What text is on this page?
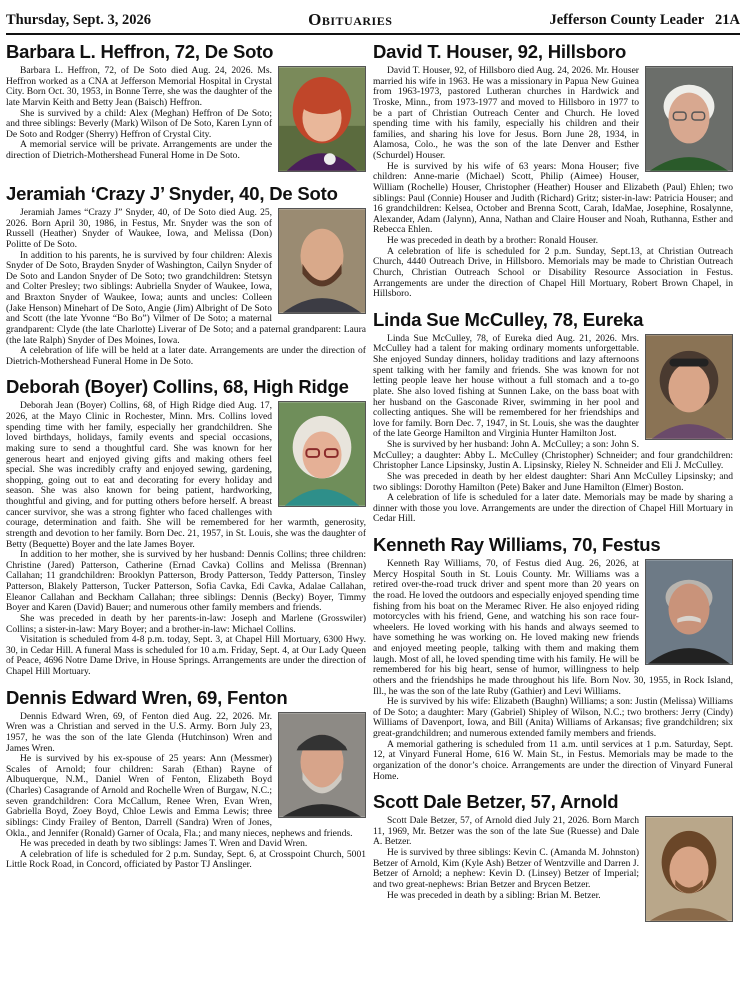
Thursday, Sept. 3, 2026	Obituaries	Jefferson County Leader 21A
Barbara L. Heffron, 72, De Soto

Barbara L. Heffron, 72, of De Soto died Aug. 24, 2026. Ms. Heffron worked as a CNA at Jefferson Memorial Hospital in Crystal City. Born Oct. 30, 1953, in Bonne Terre, she was the daughter of the late Marvin Keith and Betty Jean (Baisch) Heffron.

She is survived by a child: Alex (Meghan) Heffron of De Soto; and three siblings: Beverly (Mark) Wilson of De Soto, Karen Lynn of De Soto and Rodger (Sherry) Heffron of Crystal City.

A memorial service will be private. Arrangements are under the direction of Dietrich-Mothershead Funeral Home in De Soto.

Jeramiah ‘Crazy J’ Snyder, 40, De Soto

Jeramiah James “Crazy J” Snyder, 40, of De Soto died Aug. 25, 2026. Born April 30, 1986, in Festus, Mr. Snyder was the son of Russell (Heather) Snyder of Waukee, Iowa, and Melissa (Don) Politte of De Soto.

In addition to his parents, he is survived by four children: Alexis Snyder of De Soto, Brayden Snyder of Washington, Cailyn Snyder of De Soto and Landon Snyder of De Soto; two grandchildren: Stetsyn and Colter Presley; two siblings: Aubriella Snyder of Waukee, Iowa, and Braxton Snyder of Waukee, Iowa; aunts and uncles: Colleen (Jake Henson) Minehart of De Soto, Angie (Jim) Albright of De Soto and Scott (the late Yvonne “Bo Bo”) Vilmer of De Soto; a maternal grandparent: Clyde (the late Charlotte) Liverar of De Soto; and a paternal grandparent: Laura (the late Ralph) Snyder of Des Moines, Iowa.

A celebration of life will be held at a later date. Arrangements are under the direction of Dietrich-Mothershead Funeral Home in De Soto.

Deborah (Boyer) Collins, 68, High Ridge

Deborah Jean (Boyer) Collins, 68, of High Ridge died Aug. 17, 2026, at the Mayo Clinic in Rochester, Minn. Mrs. Collins loved spending time with her family, especially her grandchildren. She loved birthdays, holidays, family events and special occasions, making sure to send a thoughtful card. She was known for her generous heart and enjoyed giving gifts and making others feel special. She was incredibly crafty and enjoyed sewing, gardening, shopping, going out to eat and decorating for every holiday and season. She was also known for being patient, hardworking, thoughtful and giving, and for putting others before herself. A breast cancer survivor, she was a strong fighter who faced challenges with courage, determination and faith. She will be remembered for her warmth, generosity, strength and devotion to her family. Born Dec. 21, 1957, in St. Louis, she was the daughter of Betty (Bequette) Boyer and the late James Boyer.

In addition to her mother, she is survived by her husband: Dennis Collins; three children: Christine (Jared) Patterson, Catherine (Ernad Cavka) Collins and Melissa (Brennan) Callahan; 11 grandchildren: Brooklyn Patterson, Brody Patterson, Teddy Patterson, Tinsley Patterson, Blakely Patterson, Tucker Patterson, Sofia Cavka, Edi Cavka, Adalae Callahan, Eleanor Callahan and Beckham Callahan; three siblings: Dennis (Becky) Boyer, Timmy Boyer and Karen (David) Bauer; and numerous other family members and friends.

She was preceded in death by her parents-in-law: Joseph and Marlene (Grosswiler) Collins; a sister-in-law: Mary Boyer; and a brother-in-law: Michael Collins.

Visitation is scheduled from 4-8 p.m. today, Sept. 3, at Chapel Hill Mortuary, 6300 Hwy. 30, in Cedar Hill. A funeral Mass is scheduled for 10 a.m. Friday, Sept. 4, at Our Lady Queen of Peace, 4696 Notre Dame Drive, in House Springs. Arrangements are under the direction of Chapel Hill Mortuary.

Dennis Edward Wren, 69, Fenton

Dennis Edward Wren, 69, of Fenton died Aug. 22, 2026. Mr. Wren was a Christian and served in the U.S. Army. Born July 23, 1957, he was the son of the late Glenda (Hutchinson) Wren and James Wren.

He is survived by his ex-spouse of 25 years: Ann (Messmer) Scales of Arnold; four children: Sarah (Ethan) Rayne of Albuquerque, N.M., Daniel Wren of Fenton, Elizabeth Boyd (Charles) Casagrande of Arnold and Rochelle Wren of Burgaw, N.C.; seven grandchildren: Cora McCallum, Renee Wren, Evan Wren, Gabriella Boyd, Zoey Boyd, Chloe Lewis and Emma Lewis; three siblings: Cindy Frailey of Benton, Darrell (Sandra) Wren of Jones, Okla., and Jennifer (Ronald) Garner of Ocala, Fla.; and many nieces, nephews and friends.

He was preceded in death by two siblings: James T. Wren and David Wren.

A celebration of life is scheduled for 2 p.m. Sunday, Sept. 6, at Crosspoint Church, 5001 Little Rock Road, in Concord, officiated by Pastor TJ Anslinger.

David T. Houser, 92, Hillsboro

David T. Houser, 92, of Hillsboro died Aug. 24, 2026. Mr. Houser married his wife in 1963. He was a missionary in Papua New Guinea from 1963-1973, pastored Lutheran churches in Hardwick and Troske, Minn., from 1973-1977 and moved to Hillsboro in 1977 to be a part of Christian Outreach Center and Church. He loved spending time with his family, especially his children and their families, and sharing his love for Jesus. Born June 28, 1934, in Alamosa, Colo., he was the son of the late Denver and Esther (Schurdel) Houser.

He is survived by his wife of 63 years: Mona Houser; five children: Anne-marie (Michael) Scott, Philip (Aimee) Houser, William (Rochelle) Houser, Christopher (Heather) Houser and Elizabeth (Paul) Ehlen; two siblings: Paul (Connie) Houser and Judith (Richard) Gritz; sister-in-law: Patricia Houser; and 16 grandchildren: Kelsea, October and Brenna Scott, Carah, IdaMae, Josephine, Rosalynne, Alexander, Adam (Jalynn), Anna, Nathan and Claire Houser and Noah, Ruthanna, Esther and Rebecca Ehlen.

He was preceded in death by a brother: Ronald Houser.

A celebration of life is scheduled for 2 p.m. Sunday, Sept.13, at Christian Outreach Church, 4440 Outreach Drive, in Hillsboro. Memorials may be made to Christian Outreach Church, Christian Outreach School or Disability Resource Association in Festus. Arrangements are under the direction of Chapel Hill Mortuary, Robert Brown Chapel, in Hillsboro.

Linda Sue McCulley, 78, Eureka

Linda Sue McCulley, 78, of Eureka died Aug. 21, 2026. Mrs. McCulley had a talent for making ordinary moments unforgettable. She enjoyed Sunday dinners, holiday traditions and lazy afternoons spent talking with her family and friends. She was known for not letting people leave her house without a full stomach and a to-go plate. She also loved fishing at Sunnen Lake, on the bass boat with her husband on the Gasconade River, swimming in her pool and collecting antiques. She will be remembered for her friendships and love for family. Born Dec. 7, 1947, in St. Louis, she was the daughter of the late George Hamilton and Virginia Hunter Hamilton Jost.

She is survived by her husband: John A. McCulley; a son: John S. McCulley; a daughter: Abby L. McCulley (Christopher) Schneider; and four grandchildren: Christopher Lance Lipsinsky, Justin A. Lipsinsky, Rieley N. Schneider and Eli J. McCulley.

She was preceded in death by her eldest daughter: Shari Ann McCulley Lipsinsky; and two siblings: Dorothy Hamilton (Pete) Baker and June Hamilton (Elmer) Boston.

A celebration of life is scheduled for a later date. Memorials may be made by sharing a dinner with those you love. Arrangements are under the direction of Chapel Hill Mortuary in Cedar Hill.

Kenneth Ray Williams, 70, Festus

Kenneth Ray Williams, 70, of Festus died Aug. 26, 2026, at Mercy Hospital South in St. Louis County. Mr. Williams was a retired over-the-road truck driver and spent more than 20 years on the road. He loved the outdoors and especially enjoyed spending time fishing from his boat on the Meramec River. He also enjoyed riding motorcycles with his friend, Gene, and watching his son race four-wheelers. He loved working with his hands and always seemed to have something he was working on. He loved making new friends and enjoyed meeting people, talking with them and making them laugh. Most of all, he loved spending time with his family. He will be remembered for his big heart, sense of humor, willingness to help others and the friendships he made throughout his life. Born Nov. 30, 1955, in Rock Island, Ill., he was the son of the late Ruby (Gathier) and Levi Williams.

He is survived by his wife: Elizabeth (Baughn) Williams; a son: Justin (Melissa) Williams of De Soto; a daughter: Mary (Gabriel) Shipley of Wilson, N.C.; two brothers: Jerry (Cindy) Williams of Davenport, Iowa, and Bill (Anita) Williams of Arkansas; five grandchildren; six great-grandchildren; and numerous extended family members and friends.

A memorial gathering is scheduled from 11 a.m. until services at 1 p.m. Saturday, Sept. 12, at Vinyard Funeral Home, 616 W. Main St., in Festus. Memorials may be made to the organization of the donor’s choice. Arrangements are under the direction of Vinyard Funeral Home.

Scott Dale Betzer, 57, Arnold

Scott Dale Betzer, 57, of Arnold died July 21, 2026. Born March 11, 1969, Mr. Betzer was the son of the late Sue (Ruesse) and Dale A. Betzer.

He is survived by three siblings: Kevin C. (Amanda M. Johnston) Betzer of Arnold, Kim (Kyle Ash) Betzer of Wentzville and Darren J. Betzer of Arnold; a nephew: Kevin D. (Linsey) Betzer of Imperial; and two great-nephews: Brian Betzer and Brycen Betzer.

He was preceded in death by a sibling: Brian M. Betzer.
